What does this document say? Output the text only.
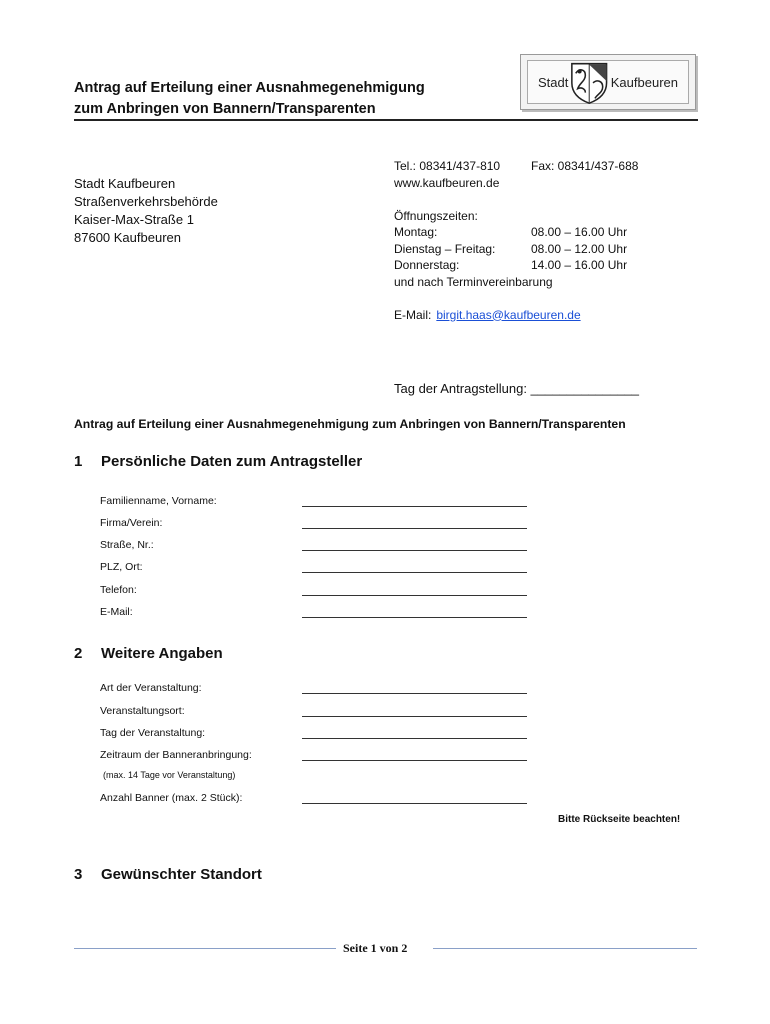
Antrag auf Erteilung einer Ausnahmegenehmigung
zum Anbringen von Bannern/Transparenten
Stadt	Kaufbeuren
Stadt Kaufbeuren
Straßenverkehrsbehörde
Kaiser-Max-Straße 1
87600 Kaufbeuren
Tel.: 08341/437-810	Fax: 08341/437-688
www.kaufbeuren.de
Öffnungszeiten:
Montag:	08.00 – 16.00 Uhr
Dienstag – Freitag:	08.00 – 12.00 Uhr
Donnerstag:	14.00 – 16.00 Uhr
und nach Terminvereinbarung
E-Mail: birgit.haas@kaufbeuren.de
Tag der Antragstellung: _______________
Antrag auf Erteilung einer Ausnahmegenehmigung zum Anbringen von Bannern/Transparenten
1	Persönliche Daten zum Antragsteller
Familienname, Vorname:
Firma/Verein:
Straße, Nr.:
PLZ, Ort:
Telefon:
E-Mail:
2	Weitere Angaben
Art der Veranstaltung:
Veranstaltungsort:
Tag der Veranstaltung:
Zeitraum der Banneranbringung:
(max. 14 Tage vor Veranstaltung)
Anzahl Banner (max. 2 Stück):
Bitte Rückseite beachten!
3	Gewünschter Standort
Seite 1 von 2
